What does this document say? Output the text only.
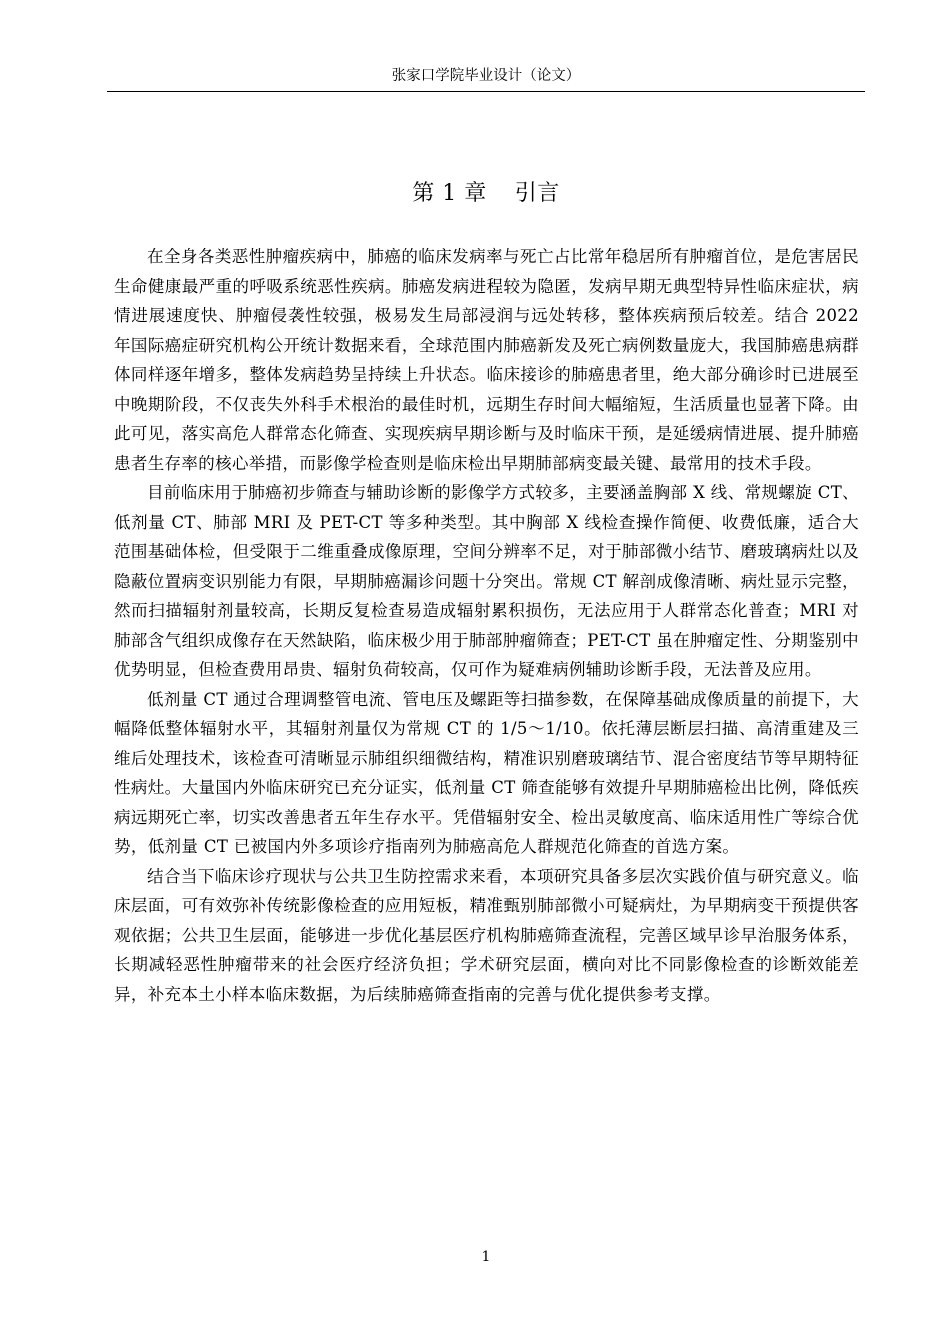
张家口学院毕业设计（论文）
第 1 章 引言

在全身各类恶性肿瘤疾病中，肺癌的临床发病率与死亡占比常年稳居所有肿瘤首位，是危害居民生命健康最严重的呼吸系统恶性疾病。肺癌发病进程较为隐匿，发病早期无典型特异性临床症状，病情进展速度快、肿瘤侵袭性较强，极易发生局部浸润与远处转移，整体疾病预后较差。结合 2022 年国际癌症研究机构公开统计数据来看，全球范围内肺癌新发及死亡病例数量庞大，我国肺癌患病群体同样逐年增多，整体发病趋势呈持续上升状态。临床接诊的肺癌患者里，绝大部分确诊时已进展至中晚期阶段，不仅丧失外科手术根治的最佳时机，远期生存时间大幅缩短，生活质量也显著下降。由此可见，落实高危人群常态化筛查、实现疾病早期诊断与及时临床干预，是延缓病情进展、提升肺癌患者生存率的核心举措，而影像学检查则是临床检出早期肺部病变最关键、最常用的技术手段。

目前临床用于肺癌初步筛查与辅助诊断的影像学方式较多，主要涵盖胸部 X 线、常规螺旋 CT、低剂量 CT、肺部 MRI 及 PET-CT 等多种类型。其中胸部 X 线检查操作简便、收费低廉，适合大范围基础体检，但受限于二维重叠成像原理，空间分辨率不足，对于肺部微小结节、磨玻璃病灶以及隐蔽位置病变识别能力有限，早期肺癌漏诊问题十分突出。常规 CT 解剖成像清晰、病灶显示完整，然而扫描辐射剂量较高，长期反复检查易造成辐射累积损伤，无法应用于人群常态化普查；MRI 对肺部含气组织成像存在天然缺陷，临床极少用于肺部肿瘤筛查；PET-CT 虽在肿瘤定性、分期鉴别中优势明显，但检查费用昂贵、辐射负荷较高，仅可作为疑难病例辅助诊断手段，无法普及应用。

低剂量 CT 通过合理调整管电流、管电压及螺距等扫描参数，在保障基础成像质量的前提下，大幅降低整体辐射水平，其辐射剂量仅为常规 CT 的 1/5～1/10。依托薄层断层扫描、高清重建及三维后处理技术，该检查可清晰显示肺组织细微结构，精准识别磨玻璃结节、混合密度结节等早期特征性病灶。大量国内外临床研究已充分证实，低剂量 CT 筛查能够有效提升早期肺癌检出比例，降低疾病远期死亡率，切实改善患者五年生存水平。凭借辐射安全、检出灵敏度高、临床适用性广等综合优势，低剂量 CT 已被国内外多项诊疗指南列为肺癌高危人群规范化筛查的首选方案。

结合当下临床诊疗现状与公共卫生防控需求来看，本项研究具备多层次实践价值与研究意义。临床层面，可有效弥补传统影像检查的应用短板，精准甄别肺部微小可疑病灶，为早期病变干预提供客观依据；公共卫生层面，能够进一步优化基层医疗机构肺癌筛查流程，完善区域早诊早治服务体系，长期减轻恶性肿瘤带来的社会医疗经济负担；学术研究层面，横向对比不同影像检查的诊断效能差异，补充本土小样本临床数据，为后续肺癌筛查指南的完善与优化提供参考支撑。

1
